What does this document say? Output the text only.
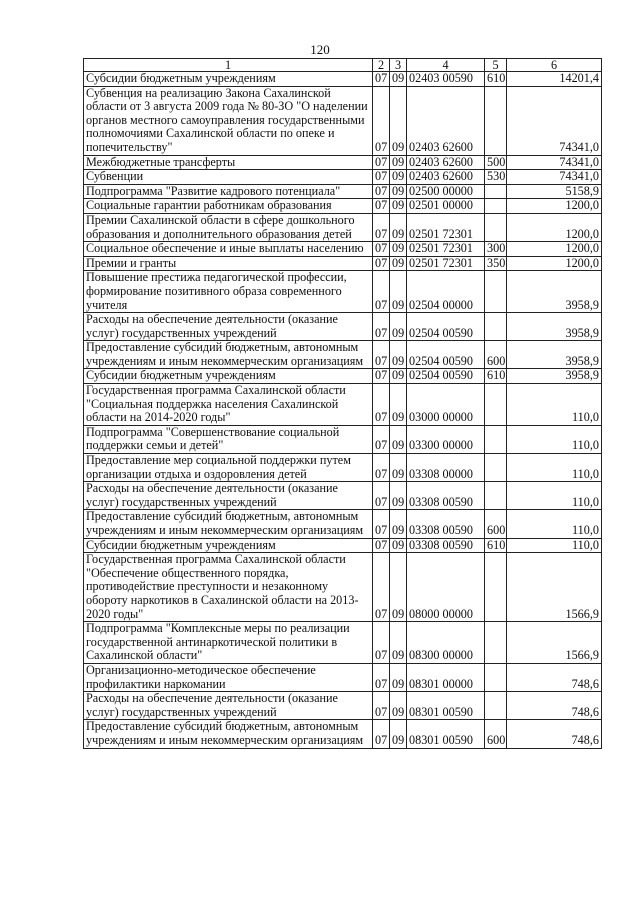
120
1	2	3	4	5	6
Субсидии бюджетным учреждениям	07	09	02403 00590	610	14201,4
Субвенция на реализацию Закона Сахалинской области от 3 августа 2009 года № 80-ЗО "О наделении органов местного самоуправления государственными полномочиями Сахалинской области по опеке и попечительству"	07	09	02403 62600		74341,0
Межбюджетные трансферты	07	09	02403 62600	500	74341,0
Субвенции	07	09	02403 62600	530	74341,0
Подпрограмма "Развитие кадрового потенциала"	07	09	02500 00000		5158,9
Социальные гарантии работникам образования	07	09	02501 00000		1200,0
Премии Сахалинской области в сфере дошкольного образования и дополнительного образования детей	07	09	02501 72301		1200,0
Социальное обеспечение и иные выплаты населению	07	09	02501 72301	300	1200,0
Премии и гранты	07	09	02501 72301	350	1200,0
Повышение престижа педагогической профессии, формирование позитивного образа современного учителя	07	09	02504 00000		3958,9
Расходы на обеспечение деятельности (оказание услуг) государственных учреждений	07	09	02504 00590		3958,9
Предоставление субсидий бюджетным, автономным учреждениям и иным некоммерческим организациям	07	09	02504 00590	600	3958,9
Субсидии бюджетным учреждениям	07	09	02504 00590	610	3958,9
Государственная программа Сахалинской области "Социальная поддержка населения Сахалинской области на 2014-2020 годы"	07	09	03000 00000		110,0
Подпрограмма "Совершенствование социальной поддержки семьи и детей"	07	09	03300 00000		110,0
Предоставление мер социальной поддержки путем организации отдыха и оздоровления детей	07	09	03308 00000		110,0
Расходы на обеспечение деятельности (оказание услуг) государственных учреждений	07	09	03308 00590		110,0
Предоставление субсидий бюджетным, автономным учреждениям и иным некоммерческим организациям	07	09	03308 00590	600	110,0
Субсидии бюджетным учреждениям	07	09	03308 00590	610	110,0
Государственная программа Сахалинской области "Обеспечение общественного порядка, противодействие преступности и незаконному обороту наркотиков в Сахалинской области на 2013-2020 годы"	07	09	08000 00000		1566,9
Подпрограмма "Комплексные меры по реализации государственной антинаркотической политики в Сахалинской области"	07	09	08300 00000		1566,9
Организационно-методическое обеспечение профилактики наркомании	07	09	08301 00000		748,6
Расходы на обеспечение деятельности (оказание услуг) государственных учреждений	07	09	08301 00590		748,6
Предоставление субсидий бюджетным, автономным учреждениям и иным некоммерческим организациям	07	09	08301 00590	600	748,6
